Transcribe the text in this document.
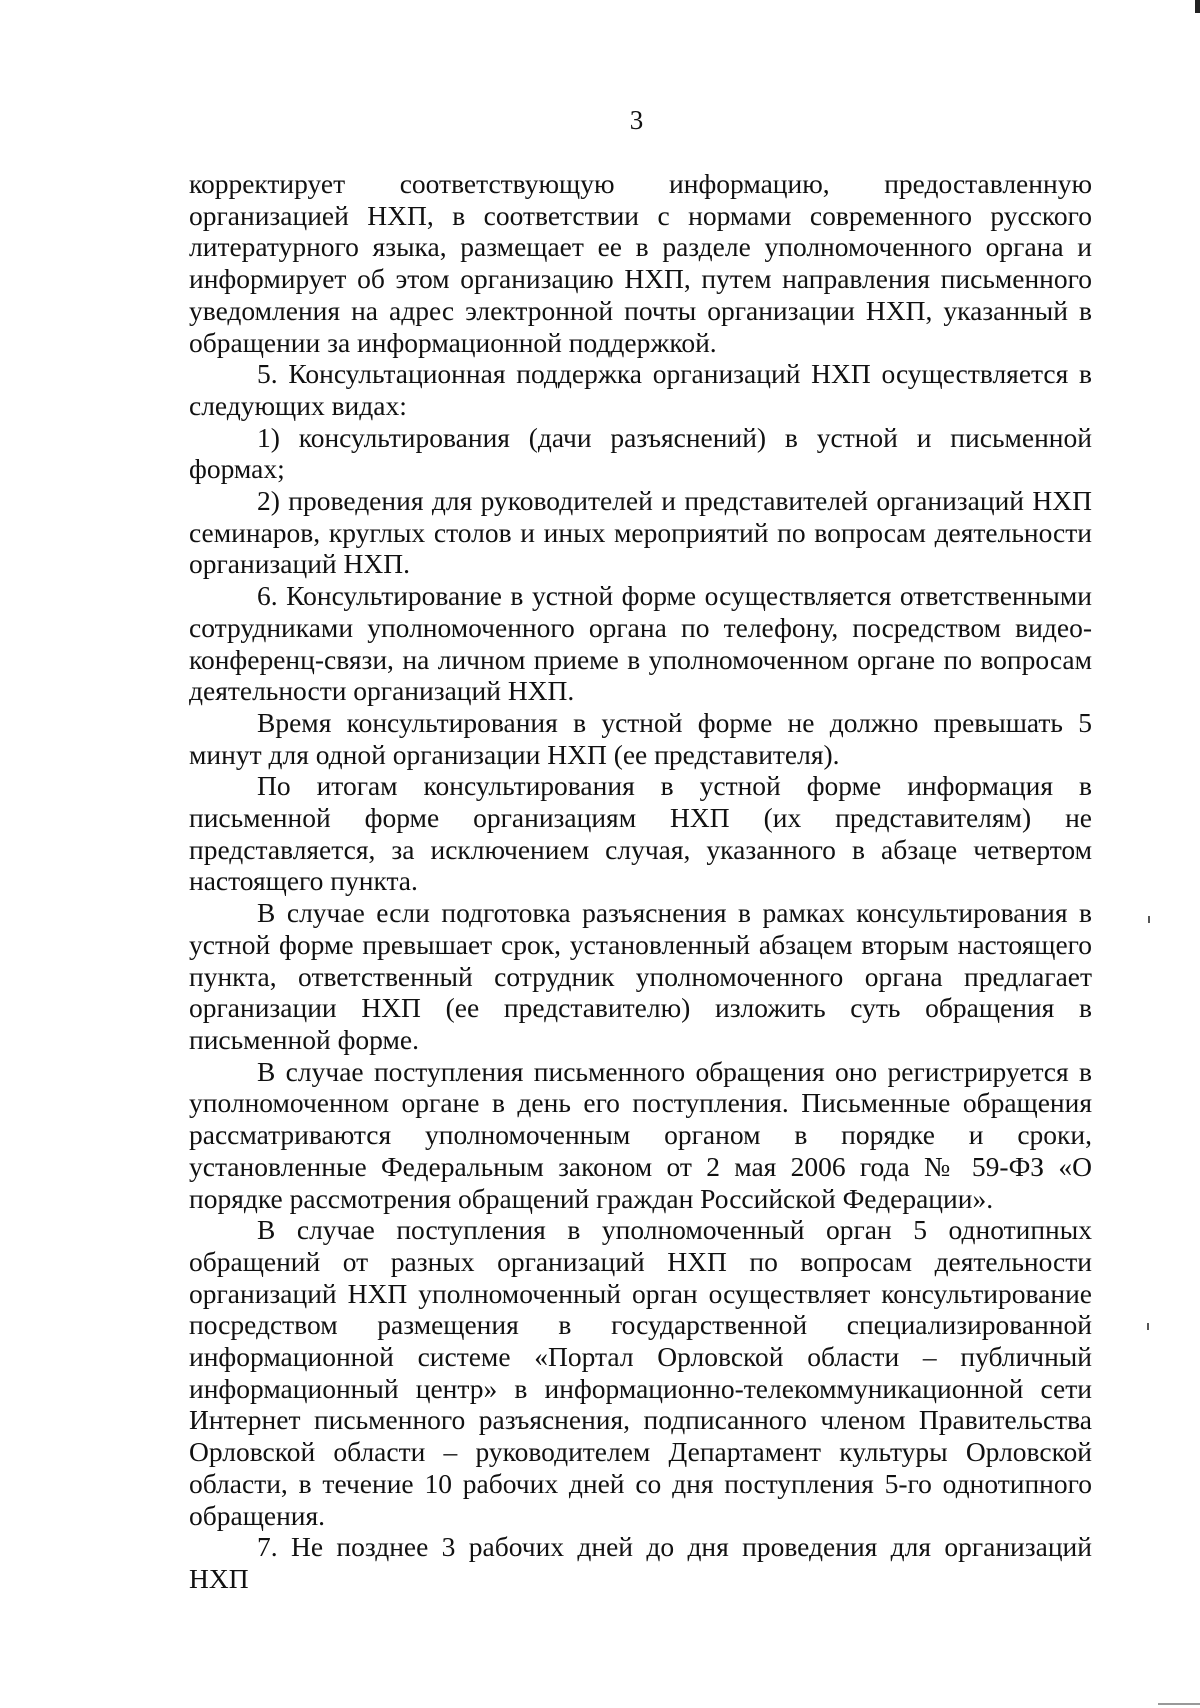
3

корректирует соответствующую информацию, предоставленную организацией НХП, в соответствии с нормами современного русского литературного языка, размещает ее в разделе уполномоченного органа и информирует об этом организацию НХП, путем направления письменного уведомления на адрес электронной почты организации НХП, указанный в обращении за информационной поддержкой.

5. Консультационная поддержка организаций НХП осуществляется в следующих видах:

1) консультирования (дачи разъяснений) в устной и письменной формах;

2) проведения для руководителей и представителей организаций НХП семинаров, круглых столов и иных мероприятий по вопросам деятельности организаций НХП.

6. Консультирование в устной форме осуществляется ответственными сотрудниками уполномоченного органа по телефону, посредством видео-конференц-связи, на личном приеме в уполномоченном органе по вопросам деятельности организаций НХП.

Время консультирования в устной форме не должно превышать 5 минут для одной организации НХП (ее представителя).

По итогам консультирования в устной форме информация в письменной форме организациям НХП (их представителям) не представляется, за исключением случая, указанного в абзаце четвертом настоящего пункта.

В случае если подготовка разъяснения в рамках консультирования в устной форме превышает срок, установленный абзацем вторым настоящего пункта, ответственный сотрудник уполномоченного органа предлагает организации НХП (ее представителю) изложить суть обращения в письменной форме.

В случае поступления письменного обращения оно регистрируется в уполномоченном органе в день его поступления. Письменные обращения рассматриваются уполномоченным органом в порядке и сроки, установленные Федеральным законом от 2 мая 2006 года № 59-ФЗ «О порядке рассмотрения обращений граждан Российской Федерации».

В случае поступления в уполномоченный орган 5 однотипных обращений от разных организаций НХП по вопросам деятельности организаций НХП уполномоченный орган осуществляет консультирование посредством размещения в государственной специализированной информационной системе «Портал Орловской области – публичный информационный центр» в информационно-телекоммуникационной сети Интернет письменного разъяснения, подписанного членом Правительства Орловской области – руководителем Департамент культуры Орловской области, в течение 10 рабочих дней со дня поступления 5-го однотипного обращения.

7. Не позднее 3 рабочих дней до дня проведения для организаций НХП
